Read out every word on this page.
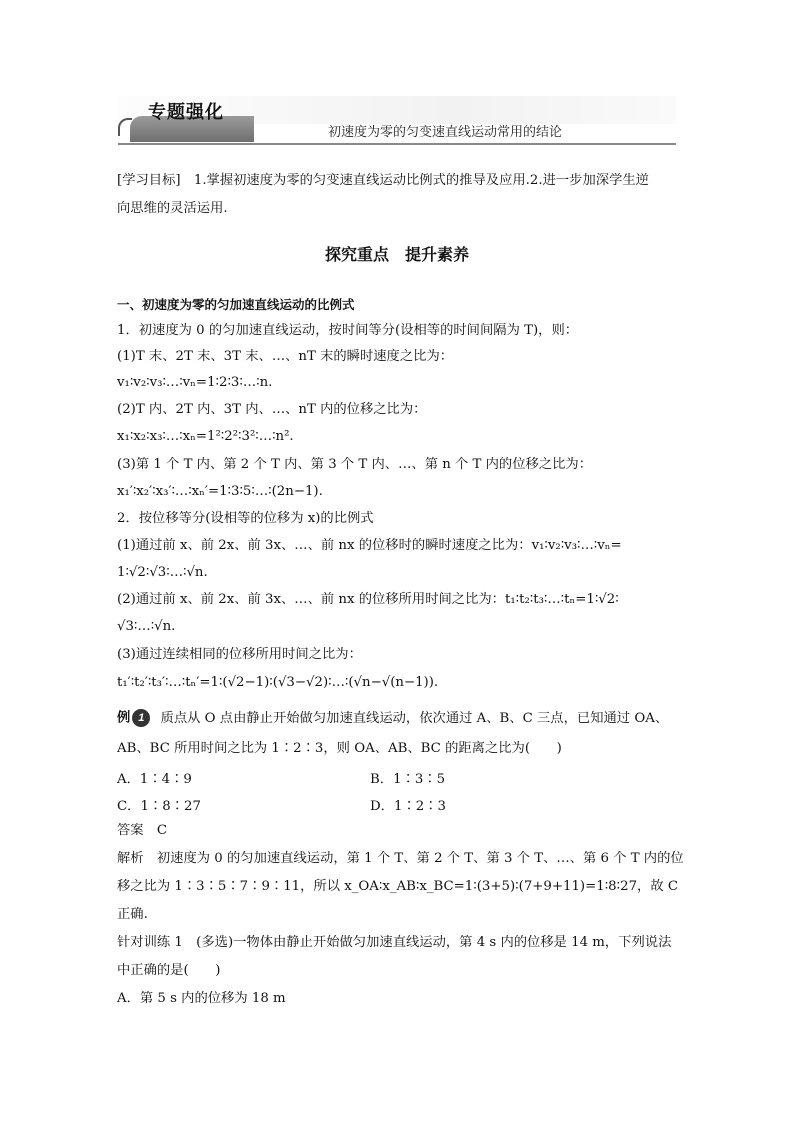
专题强化
初速度为零的匀变速直线运动常用的结论
[学习目标]　1.掌握初速度为零的匀变速直线运动比例式的推导及应用.2.进一步加深学生逆
向思维的灵活运用.
探究重点　提升素养
一、初速度为零的匀加速直线运动的比例式
1．初速度为 0 的匀加速直线运动，按时间等分(设相等的时间间隔为 T)，则：
(1)T 末、2T 末、3T 末、…、nT 末的瞬时速度之比为：
v₁∶v₂∶v₃∶…∶vₙ=1∶2∶3∶…∶n.
(2)T 内、2T 内、3T 内、…、nT 内的位移之比为：
x₁∶x₂∶x₃∶…∶xₙ=1²∶2²∶3²∶…∶n².
(3)第 1 个 T 内、第 2 个 T 内、第 3 个 T 内、…、第 n 个 T 内的位移之比为：
x₁′∶x₂′∶x₃′∶…∶xₙ′=1∶3∶5∶…∶(2n−1).
2．按位移等分(设相等的位移为 x)的比例式
(1)通过前 x、前 2x、前 3x、…、前 nx 的位移时的瞬时速度之比为：v₁∶v₂∶v₃∶…∶vₙ=
1∶√2∶√3∶…∶√n.
(2)通过前 x、前 2x、前 3x、…、前 nx 的位移所用时间之比为：t₁∶t₂∶t₃∶…∶tₙ=1∶√2∶
√3∶…∶√n.
(3)通过连续相同的位移所用时间之比为：
t₁′∶t₂′∶t₃′∶…∶tₙ′=1∶(√2−1)∶(√3−√2)∶…∶(√n−√(n−1)).
例 1 质点从 O 点由静止开始做匀加速直线运动，依次通过 A、B、C 三点，已知通过 OA、
AB、BC 所用时间之比为 1∶2∶3，则 OA、AB、BC 的距离之比为(　　)
A．1∶4∶9	B．1∶3∶5
C．1∶8∶27	D．1∶2∶3
答案　C
解析　初速度为 0 的匀加速直线运动，第 1 个 T、第 2 个 T、第 3 个 T、…、第 6 个 T 内的位
移之比为 1∶3∶5∶7∶9∶11，所以 x_OA∶x_AB∶x_BC=1∶(3+5)∶(7+9+11)=1∶8∶27，故 C
正确.
针对训练 1　(多选)一物体由静止开始做匀加速直线运动，第 4 s 内的位移是 14 m，下列说法
中正确的是(　　)
A．第 5 s 内的位移为 18 m
